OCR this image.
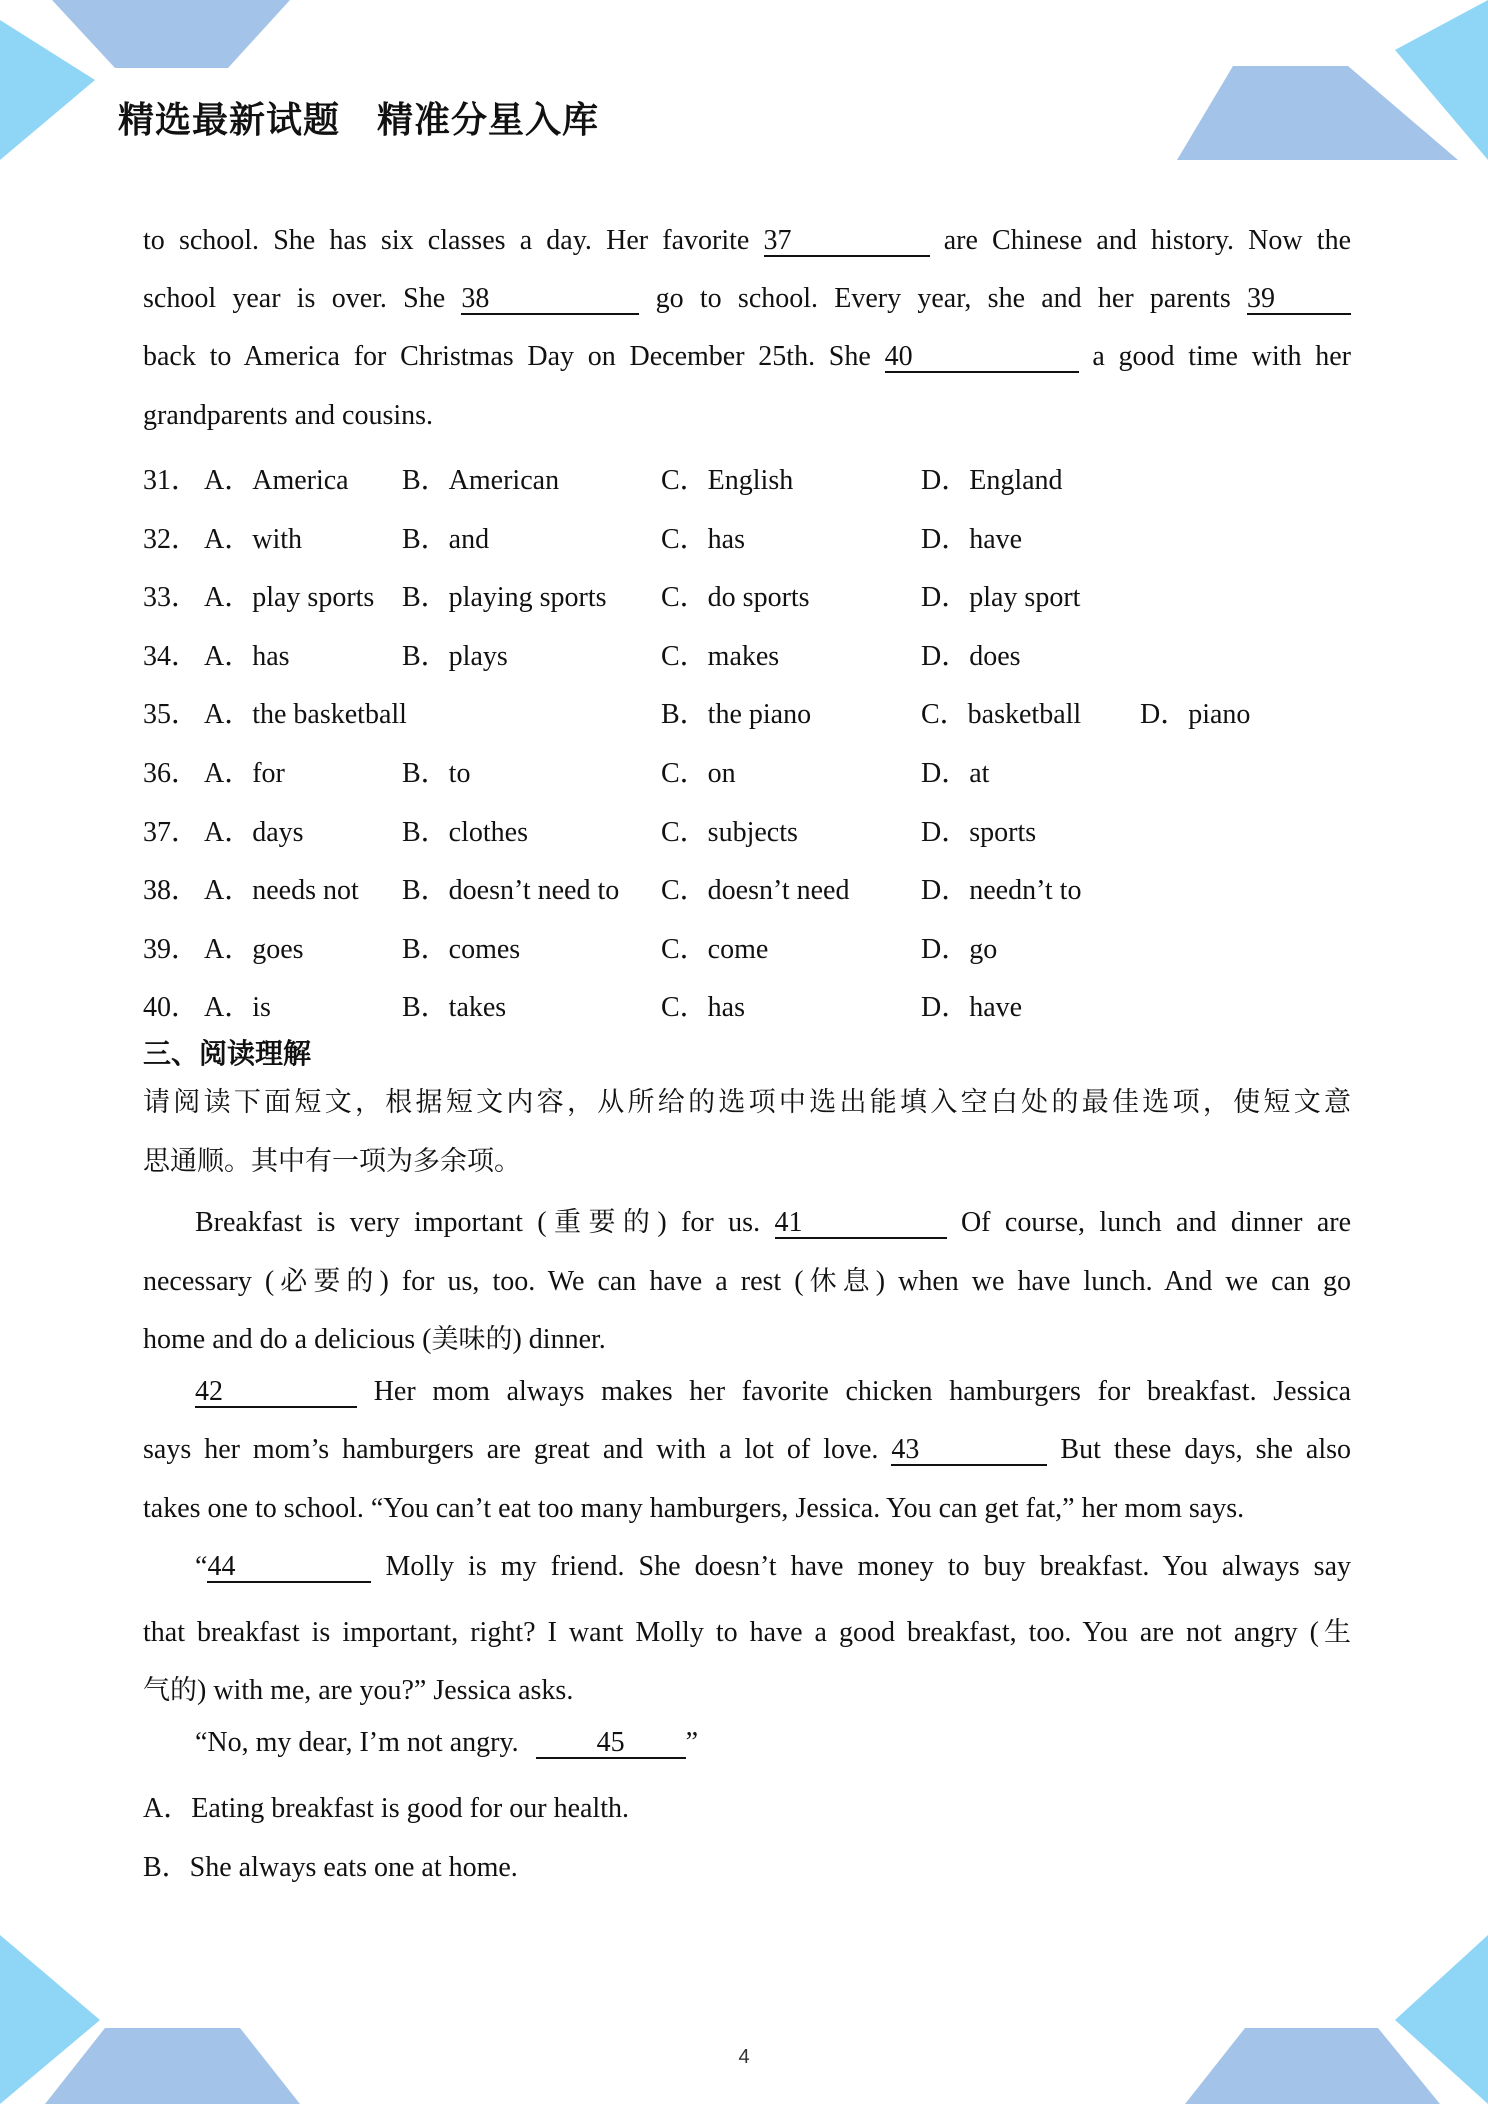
精选最新试题　精准分星入库
to school. She has six classes a day. Her favorite 37	are Chinese and history. Now the
school year is over. She 38	go to school. Every year, she and her parents 39
back to America for Christmas Day on December 25th. She 40	a good time with her
grandparents and cousins.
31． A．America B．American	C．English	D．England
32． A．with	B．and	C．has	D．have
33． A．play sports B．playing sports C．do sports	D．play sport
34． A．has	B．plays	C．makes	D．does
35． A．the basketball	B．the piano	C．basketball D．piano
36． A．for	B．to	C．on	D．at
37． A．days	B．clothes	C．subjects	D．sports
38． A．needs not B．doesn’t need to C．doesn’t need	D．needn’t to
39． A．goes	B．comes	C．come	D．go
40． A．is	B．takes	C．has	D．have
三、阅读理解
请阅读下面短文，根据短文内容，从所给的选项中选出能填入空白处的最佳选项，使短文意
思通顺。其中有一项为多余项。
Breakfast is very important (重要的) for us. 41	Of course, lunch and dinner are
necessary (必要的) for us, too. We can have a rest (休息) when we have lunch. And we can go
home and do a delicious (美味的) dinner.
42	Her mom always makes her favorite chicken hamburgers for breakfast. Jessica
says her mom’s hamburgers are great and with a lot of love. 43	But these days, she also
takes one to school. “You can’t eat too many hamburgers, Jessica. You can get fat,” her mom says.
“44	Molly is my friend. She doesn’t have money to buy breakfast. You always say
that breakfast is important, right? I want Molly to have a good breakfast, too. You are not angry (生
气的) with me, are you?” Jessica asks.
“No, my dear, I’m not angry.	45 ”
A．Eating breakfast is good for our health.
B．She always eats one at home.
4
